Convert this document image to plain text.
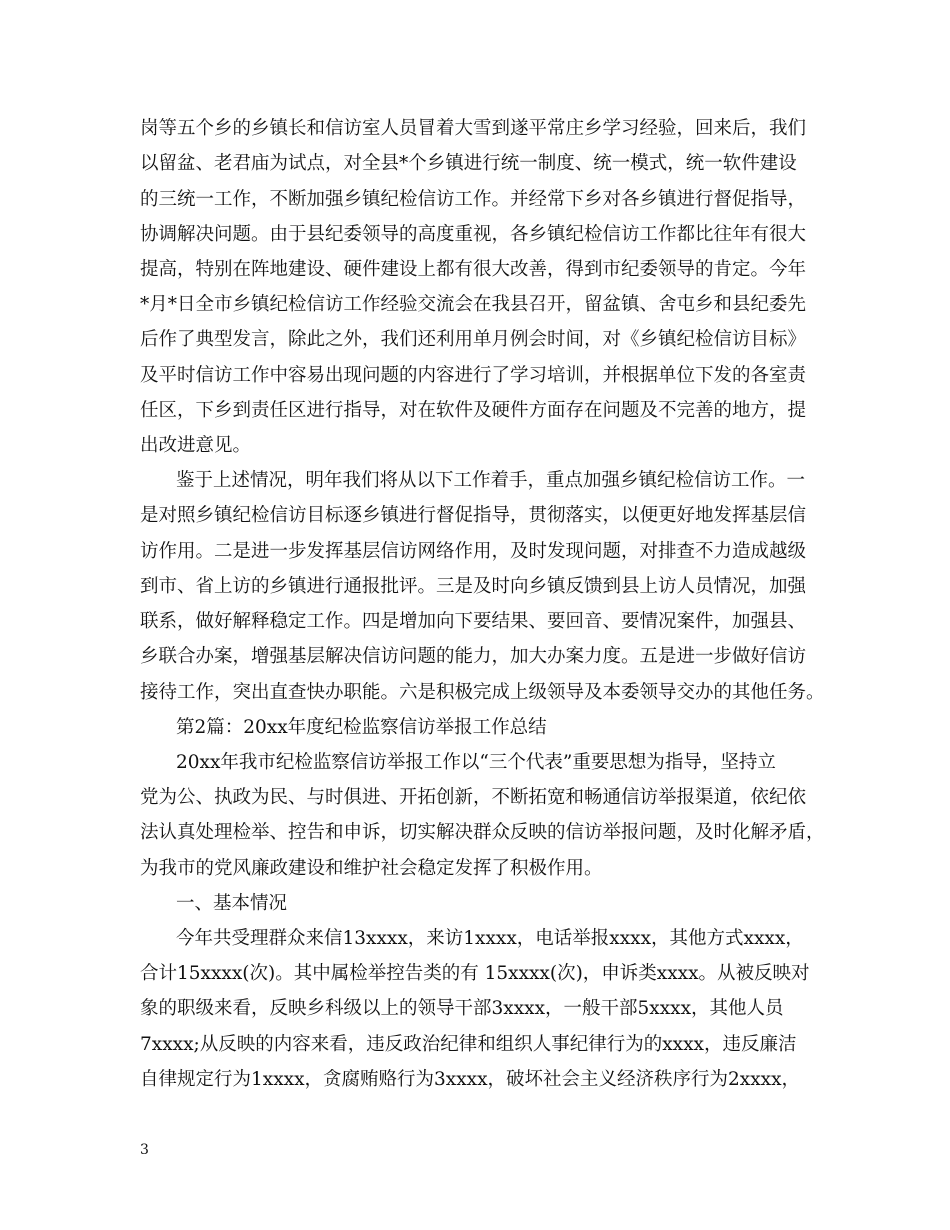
岗等五个乡的乡镇长和信访室人员冒着大雪到遂平常庄乡学习经验，回来后，我们
以留盆、老君庙为试点，对全县*个乡镇进行统一制度、统一模式，统一软件建设
的三统一工作，不断加强乡镇纪检信访工作。并经常下乡对各乡镇进行督促指导，
协调解决问题。由于县纪委领导的高度重视，各乡镇纪检信访工作都比往年有很大
提高，特别在阵地建设、硬件建设上都有很大改善，得到市纪委领导的肯定。今年
*月*日全市乡镇纪检信访工作经验交流会在我县召开，留盆镇、舍屯乡和县纪委先
后作了典型发言，除此之外，我们还利用单月例会时间，对《乡镇纪检信访目标》
及平时信访工作中容易出现问题的内容进行了学习培训，并根据单位下发的各室责
任区，下乡到责任区进行指导，对在软件及硬件方面存在问题及不完善的地方，提
出改进意见。
鉴于上述情况，明年我们将从以下工作着手，重点加强乡镇纪检信访工作。一
是对照乡镇纪检信访目标逐乡镇进行督促指导，贯彻落实，以便更好地发挥基层信
访作用。二是进一步发挥基层信访网络作用，及时发现问题，对排查不力造成越级
到市、省上访的乡镇进行通报批评。三是及时向乡镇反馈到县上访人员情况，加强
联系，做好解释稳定工作。四是增加向下要结果、要回音、要情况案件，加强县、
乡联合办案，增强基层解决信访问题的能力，加大办案力度。五是进一步做好信访
接待工作，突出直查快办职能。六是积极完成上级领导及本委领导交办的其他任务。
第2篇：20xx年度纪检监察信访举报工作总结
20xx年我市纪检监察信访举报工作以“三个代表”重要思想为指导，坚持立
党为公、执政为民、与时俱进、开拓创新，不断拓宽和畅通信访举报渠道，依纪依
法认真处理检举、控告和申诉，切实解决群众反映的信访举报问题，及时化解矛盾，
为我市的党风廉政建设和维护社会稳定发挥了积极作用。
一、基本情况
今年共受理群众来信13xxxx，来访1xxxx，电话举报xxxx，其他方式xxxx，
合计15xxxx(次)。其中属检举控告类的有 15xxxx(次)，申诉类xxxx。从被反映对
象的职级来看，反映乡科级以上的领导干部3xxxx，一般干部5xxxx，其他人员
7xxxx;从反映的内容来看，违反政治纪律和组织人事纪律行为的xxxx，违反廉洁
自律规定行为1xxxx，贪腐贿赂行为3xxxx，破坏社会主义经济秩序行为2xxxx，
3
